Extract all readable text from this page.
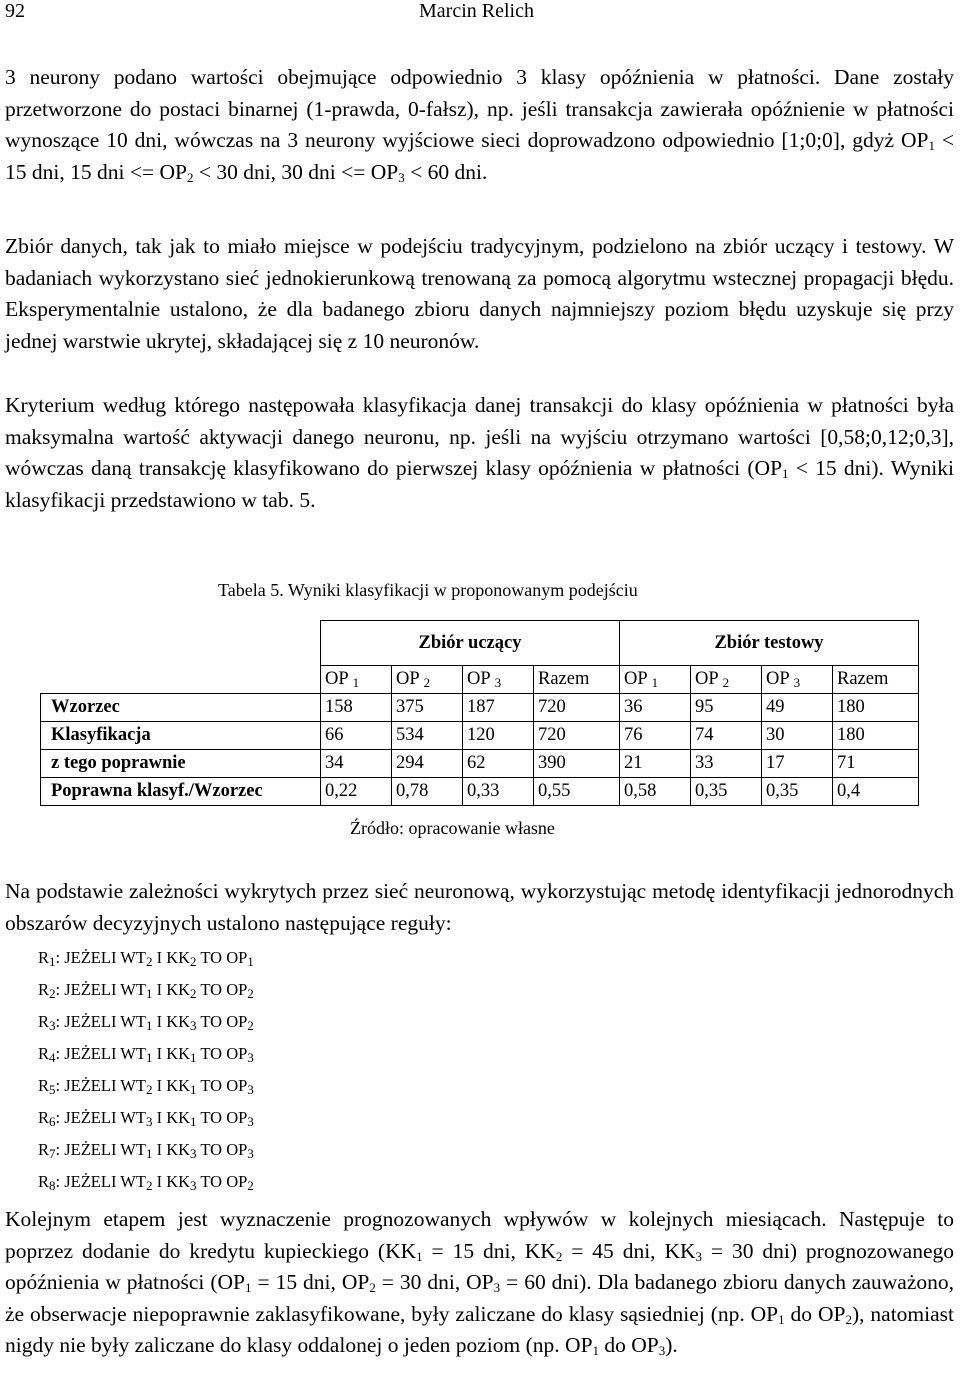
92	Marcin Relich

3 neurony podano wartości obejmujące odpowiednio 3 klasy opóźnienia w płatności. Dane zostały przetworzone do postaci binarnej (1-prawda, 0-fałsz), np. jeśli transakcja zawierała opóźnienie w płatności wynoszące 10 dni, wówczas na 3 neurony wyjściowe sieci doprowadzono odpowiednio [1;0;0], gdyż $OP_1 < 15$ dni, 15 dni <= $OP_2 < 30$ dni, 30 dni <= $OP_3 < 60$ dni.

Zbiór danych, tak jak to miało miejsce w podejściu tradycyjnym, podzielono na zbiór uczący i testowy. W badaniach wykorzystano sieć jednokierunkową trenowaną za pomocą algorytmu wstecznej propagacji błędu. Eksperymentalnie ustalono, że dla badanego zbioru danych najmniejszy poziom błędu uzyskuje się przy jednej warstwie ukrytej, składającej się z 10 neuronów.

Kryterium według którego następowała klasyfikacja danej transakcji do klasy opóźnienia w płatności była maksymalna wartość aktywacji danego neuronu, np. jeśli na wyjściu otrzymano wartości [0,58;0,12;0,3], wówczas daną transakcję klasyfikowano do pierwszej klasy opóźnienia w płatności ($OP_1 < 15$ dni). Wyniki klasyfikacji przedstawiono w tab. 5.

Tabela 5. Wyniki klasyfikacji w proponowanym podejściu
	Zbiór uczący				Zbiór testowy			
	OP $_1$	OP $_2$	OP $_3$	Razem	OP $_1$	OP $_2$	OP $_3$	Razem
Wzorzec	158	375	187	720	36	95	49	180
Klasyfikacja	66	534	120	720	76	74	30	180
z tego poprawnie	34	294	62	390	21	33	17	71
Poprawna klasyf./Wzorzec	0,22	0,78	0,33	0,55	0,58	0,35	0,35	0,4
Źródło: opracowanie własne

Na podstawie zależności wykrytych przez sieć neuronową, wykorzystując metodę identyfikacji jednorodnych obszarów decyzyjnych ustalono następujące reguły:

$R_1$: JEŻELI $WT_2$ I $KK_2$ TO $OP_1$
$R_2$: JEŻELI $WT_1$ I $KK_2$ TO $OP_2$
$R_3$: JEŻELI $WT_1$ I $KK_3$ TO $OP_2$
$R_4$: JEŻELI $WT_1$ I $KK_1$ TO $OP_3$
$R_5$: JEŻELI $WT_2$ I $KK_1$ TO $OP_3$
$R_6$: JEŻELI $WT_3$ I $KK_1$ TO $OP_3$
$R_7$: JEŻELI $WT_1$ I $KK_3$ TO $OP_3$
$R_8$: JEŻELI $WT_2$ I $KK_3$ TO $OP_2$

Kolejnym etapem jest wyznaczenie prognozowanych wpływów w kolejnych miesiącach. Następuje to poprzez dodanie do kredytu kupieckiego ($KK_1 = 15$ dni, $KK_2 = 45$ dni, $KK_3 = 30$ dni) prognozowanego opóźnienia w płatności ($OP_1 = 15$ dni, $OP_2 = 30$ dni, $OP_3 = 60$ dni). Dla badanego zbioru danych zauważono, że obserwacje niepoprawnie zaklasyfikowane, były zaliczane do klasy sąsiedniej (np. $OP_1$ do $OP_2$), natomiast nigdy nie były zaliczane do klasy oddalonej o jeden poziom (np. $OP_1$ do $OP_3$).
